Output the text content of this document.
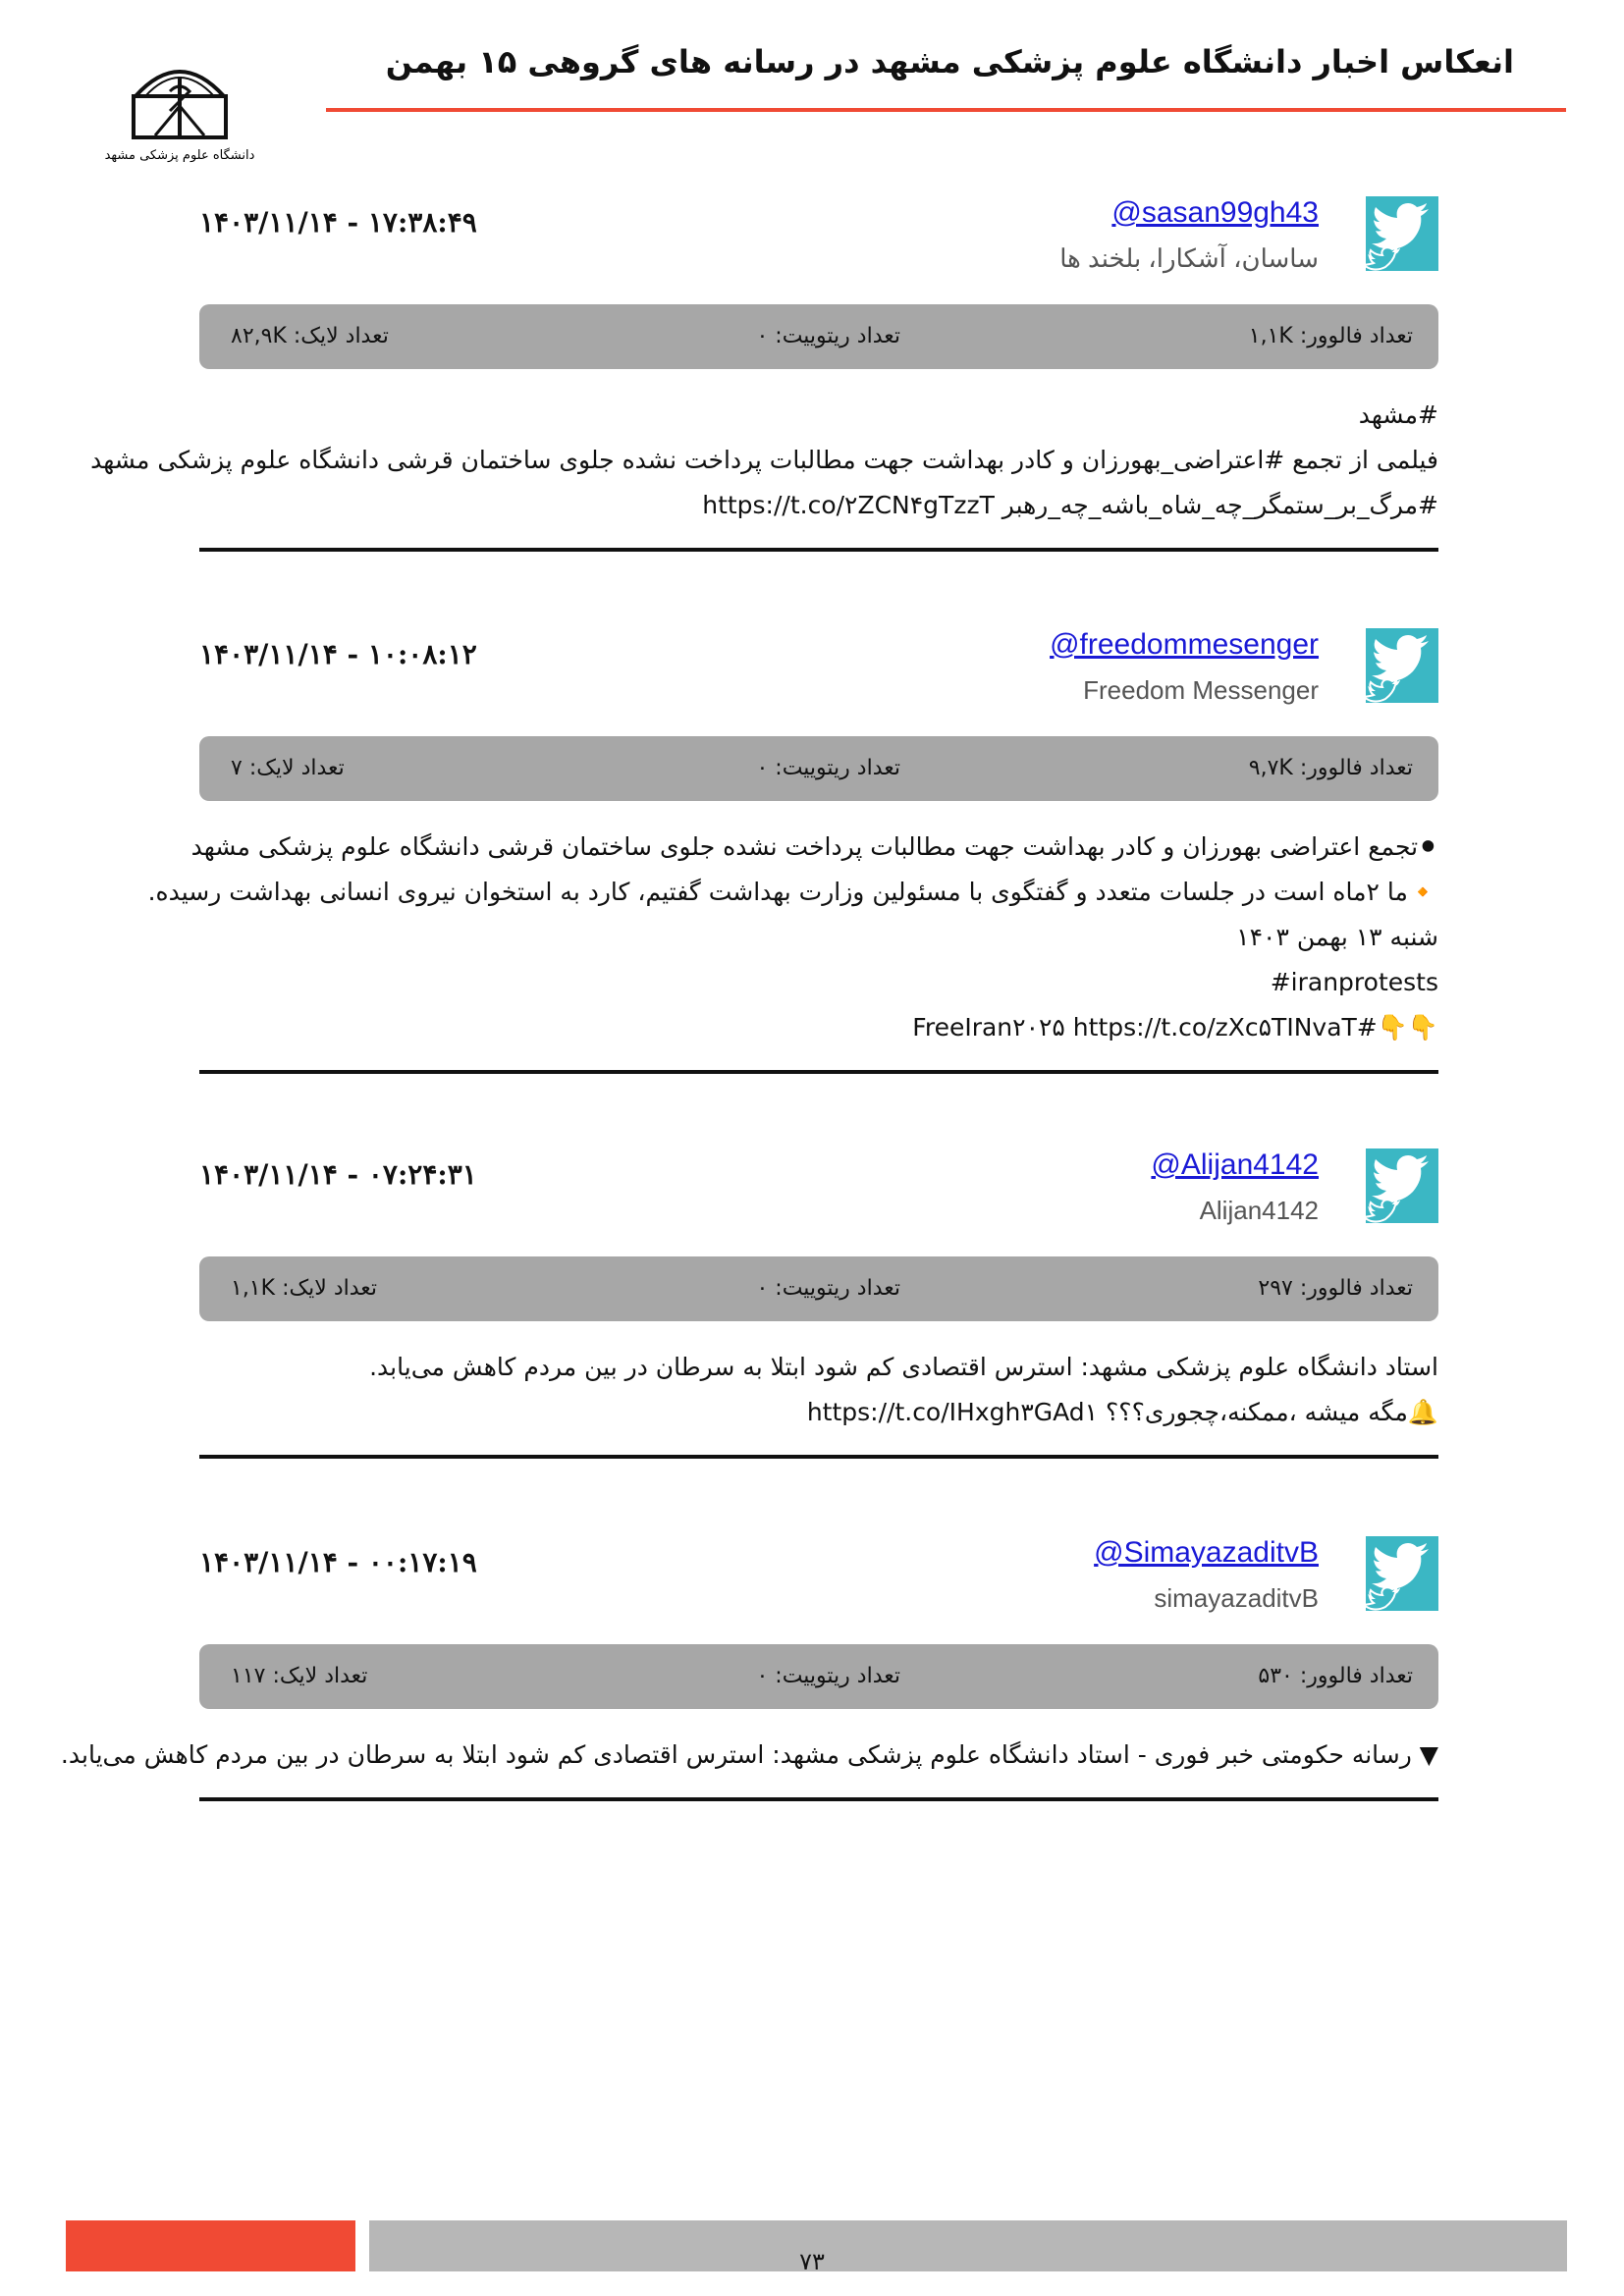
دانشگاه علوم پزشکی مشهد
انعکاس اخبار دانشگاه علوم پزشکی مشهد در رسانه های گروهی ۱۵ بهمن
@sasan99gh43
ساسان، آشکارا، بلخند ها
۱۴۰۳/۱۱/۱۴ - ۱۷:۳۸:۴۹
تعداد فالوور: ۱,۱K
تعداد ریتوییت: ۰
تعداد لایک: ۸۲,۹K
#مشهد
فیلمی از تجمع #اعتراضی_بهورزان و کادر بهداشت جهت مطالبات پرداخت نشده جلوی ساختمان قرشی دانشگاه علوم پزشکی مشهد
#مرگ_بر_ستمگر_چه_شاه_باشه_چه_رهبر https://t.co/۲ZCN۴gTzzT
@freedommesenger
Freedom Messenger
۱۴۰۳/۱۱/۱۴ - ۱۰:۰۸:۱۲
تعداد فالوور: ۹,۷K
تعداد ریتوییت: ۰
تعداد لایک: ۷
⚫تجمع اعتراضی بهورزان و کادر بهداشت جهت مطالبات پرداخت نشده جلوی ساختمان قرشی دانشگاه علوم پزشکی مشهد
🔸ما ۲ماه است در جلسات متعدد و گفتگوی با مسئولین وزارت بهداشت گفتیم، کارد به استخوان نیروی انسانی بهداشت رسیده.
شنبه ۱۳ بهمن ۱۴۰۳
iranprotests#
👇👇#FreeIran۲۰۲۵ https://t.co/zXc۵TINvaT
@Alijan4142
Alijan4142
۱۴۰۳/۱۱/۱۴ - ۰۷:۲۴:۳۱
تعداد فالوور: ۲۹۷
تعداد ریتوییت: ۰
تعداد لایک: ۱,۱K
استاد دانشگاه علوم پزشکی مشهد: استرس اقتصادی کم شود ابتلا به سرطان در بین مردم کاهش می‌یابد.
🔔مگه میشه ،ممکنه،چجوری؟؟؟ https://t.co/IHxgh۳GAd۱
@SimayazaditvB
simayazaditvB
۱۴۰۳/۱۱/۱۴ - ۰۰:۱۷:۱۹
تعداد فالوور: ۵۳۰
تعداد ریتوییت: ۰
تعداد لایک: ۱۱۷
▼ رسانه حکومتی خبر فوری - استاد دانشگاه علوم پزشکی مشهد: استرس اقتصادی کم شود ابتلا به سرطان در بین مردم کاهش می‌یابد.
۷۳
